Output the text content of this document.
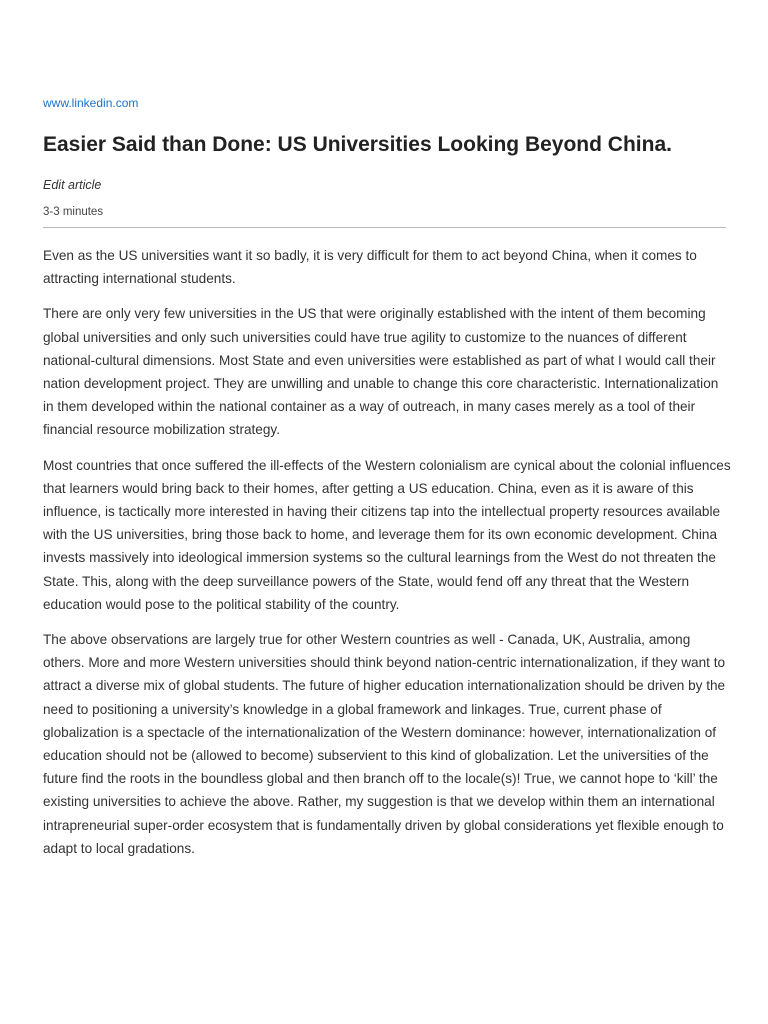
www.linkedin.com
Easier Said than Done: US Universities Looking Beyond China.
Edit article
3-3 minutes

Even as the US universities want it so badly, it is very difficult for them to act beyond China, when it comes to attracting international students.

There are only very few universities in the US that were originally established with the intent of them becoming global universities and only such universities could have true agility to customize to the nuances of different national-cultural dimensions. Most State and even universities were established as part of what I would call their nation development project. They are unwilling and unable to change this core characteristic. Internationalization in them developed within the national container as a way of outreach, in many cases merely as a tool of their financial resource mobilization strategy.

Most countries that once suffered the ill-effects of the Western colonialism are cynical about the colonial influences that learners would bring back to their homes, after getting a US education. China, even as it is aware of this influence, is tactically more interested in having their citizens tap into the intellectual property resources available with the US universities, bring those back to home, and leverage them for its own economic development. China invests massively into ideological immersion systems so the cultural learnings from the West do not threaten the State. This, along with the deep surveillance powers of the State, would fend off any threat that the Western education would pose to the political stability of the country.

The above observations are largely true for other Western countries as well - Canada, UK, Australia, among others. More and more Western universities should think beyond nation-centric internationalization, if they want to attract a diverse mix of global students. The future of higher education internationalization should be driven by the need to positioning a university’s knowledge in a global framework and linkages. True, current phase of globalization is a spectacle of the internationalization of the Western dominance: however, internationalization of education should not be (allowed to become) subservient to this kind of globalization. Let the universities of the future find the roots in the boundless global and then branch off to the locale(s)! True, we cannot hope to ‘kill’ the existing universities to achieve the above. Rather, my suggestion is that we develop within them an international intrapreneurial super-order ecosystem that is fundamentally driven by global considerations yet flexible enough to adapt to local gradations.
